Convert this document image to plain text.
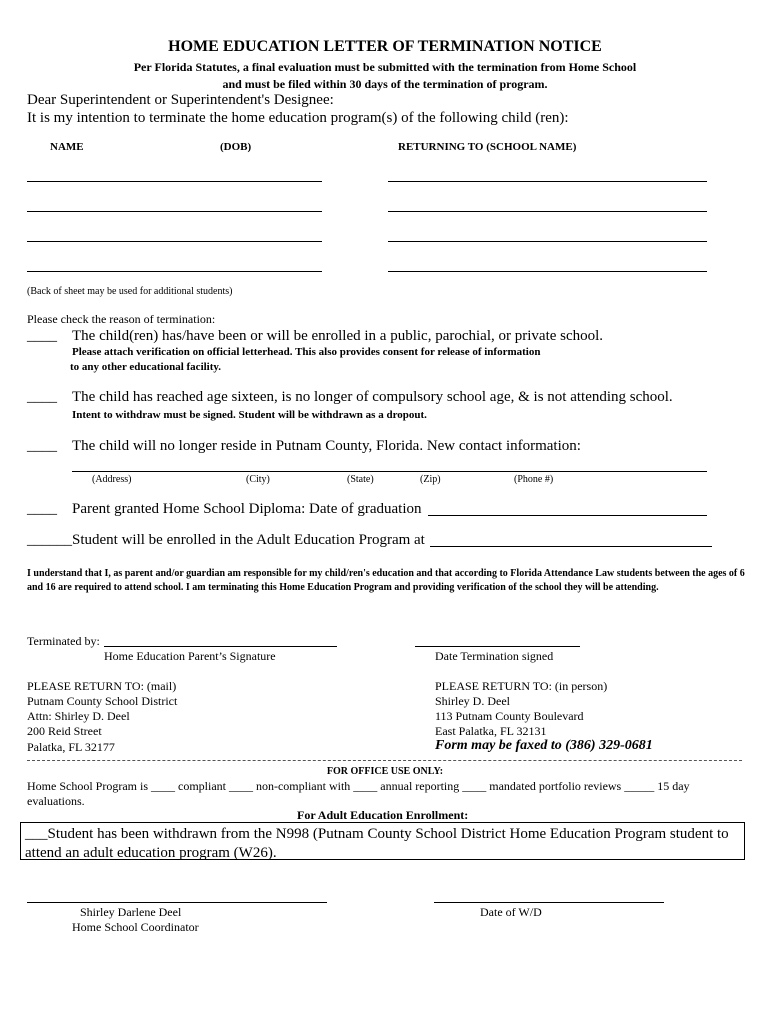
HOME EDUCATION LETTER OF TERMINATION NOTICE
Per Florida Statutes, a final evaluation must be submitted with the termination from Home School
and must be filed within 30 days of the termination of program.
Dear Superintendent or Superintendent's Designee:
It is my intention to terminate the home education program(s) of the following child (ren):
NAME	(DOB)	RETURNING TO (SCHOOL NAME)
(Back of sheet may be used for additional students)
Please check the reason of termination:
____ The child(ren) has/have been or will be enrolled in a public, parochial, or private school.
Please attach verification on official letterhead. This also provides consent for release of information
to any other educational facility.
____ The child has reached age sixteen, is no longer of compulsory school age, & is not attending school.
Intent to withdraw must be signed. Student will be withdrawn as a dropout.
____ The child will no longer reside in Putnam County, Florida. New contact information:
(Address)	(City)	(State)	(Zip)	(Phone #)
____ Parent granted Home School Diploma: Date of graduation
______ Student will be enrolled in the Adult Education Program at
I understand that I, as parent and/or guardian am responsible for my child/ren's education and that according to Florida Attendance Law students between the ages of 6 and 16 are required to attend school. I am terminating this Home Education Program and providing verification of the school they will be attending.
Terminated by:
Home Education Parent’s Signature	Date Termination signed
PLEASE RETURN TO: (mail)
Putnam County School District
Attn: Shirley D. Deel
200 Reid Street
Palatka, FL 32177
PLEASE RETURN TO: (in person)
Shirley D. Deel
113 Putnam County Boulevard
East Palatka, FL 32131
Form may be faxed to (386) 329-0681
FOR OFFICE USE ONLY:
Home School Program is ____ compliant ____ non-compliant with ____ annual reporting ____ mandated portfolio reviews _____ 15 day
evaluations.
For Adult Education Enrollment:
___Student has been withdrawn from the N998 (Putnam County School District Home Education Program student to attend an adult education program (W26).
Shirley Darlene Deel
Home School Coordinator
Date of W/D
